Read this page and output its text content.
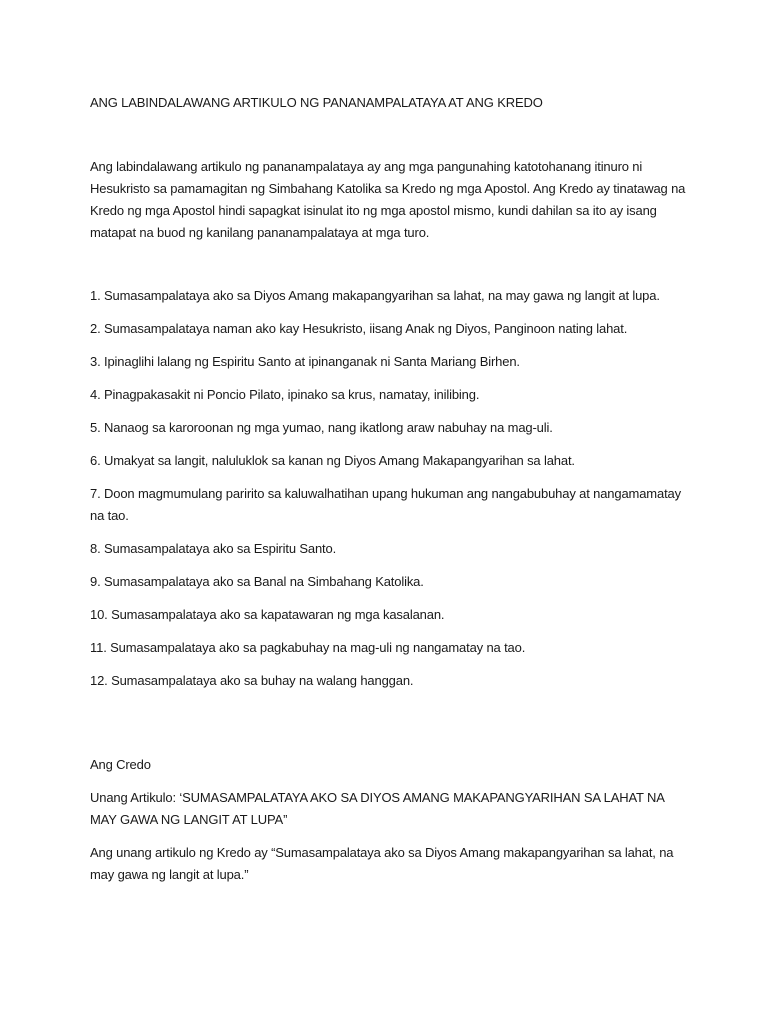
ANG LABINDALAWANG ARTIKULO NG PANANAMPALATAYA AT ANG KREDO

Ang labindalawang artikulo ng pananampalataya ay ang mga pangunahing katotohanang itinuro ni Hesukristo sa pamamagitan ng Simbahang Katolika sa Kredo ng mga Apostol. Ang Kredo ay tinatawag na Kredo ng mga Apostol hindi sapagkat isinulat ito ng mga apostol mismo, kundi dahilan sa ito ay isang matapat na buod ng kanilang pananampalataya at mga turo.

1. Sumasampalataya ako sa Diyos Amang makapangyarihan sa lahat, na may gawa ng langit at lupa.
2. Sumasampalataya naman ako kay Hesukristo, iisang Anak ng Diyos, Panginoon nating lahat.
3. Ipinaglihi lalang ng Espiritu Santo at ipinanganak ni Santa Mariang Birhen.
4. Pinagpakasakit ni Poncio Pilato, ipinako sa krus, namatay, inilibing.
5. Nanaog sa karoroonan ng mga yumao, nang ikatlong araw nabuhay na mag-uli.
6. Umakyat sa langit, naluluklok sa kanan ng Diyos Amang Makapangyarihan sa lahat.
7. Doon magmumulang paririto sa kaluwalhatihan upang hukuman ang nangabubuhay at nangamamatay na tao.
8. Sumasampalataya ako sa Espiritu Santo.
9. Sumasampalataya ako sa Banal na Simbahang Katolika.
10. Sumasampalataya ako sa kapatawaran ng mga kasalanan.
11. Sumasampalataya ako sa pagkabuhay na mag-uli ng nangamatay na tao.
12. Sumasampalataya ako sa buhay na walang hanggan.

Ang Credo

Unang Artikulo: ‘SUMASAMPALATAYA AKO SA DIYOS AMANG MAKAPANGYARIHAN SA LAHAT NA MAY GAWA NG LANGIT AT LUPA”

Ang unang artikulo ng Kredo ay “Sumasampalataya ako sa Diyos Amang makapangyarihan sa lahat, na may gawa ng langit at lupa.”
